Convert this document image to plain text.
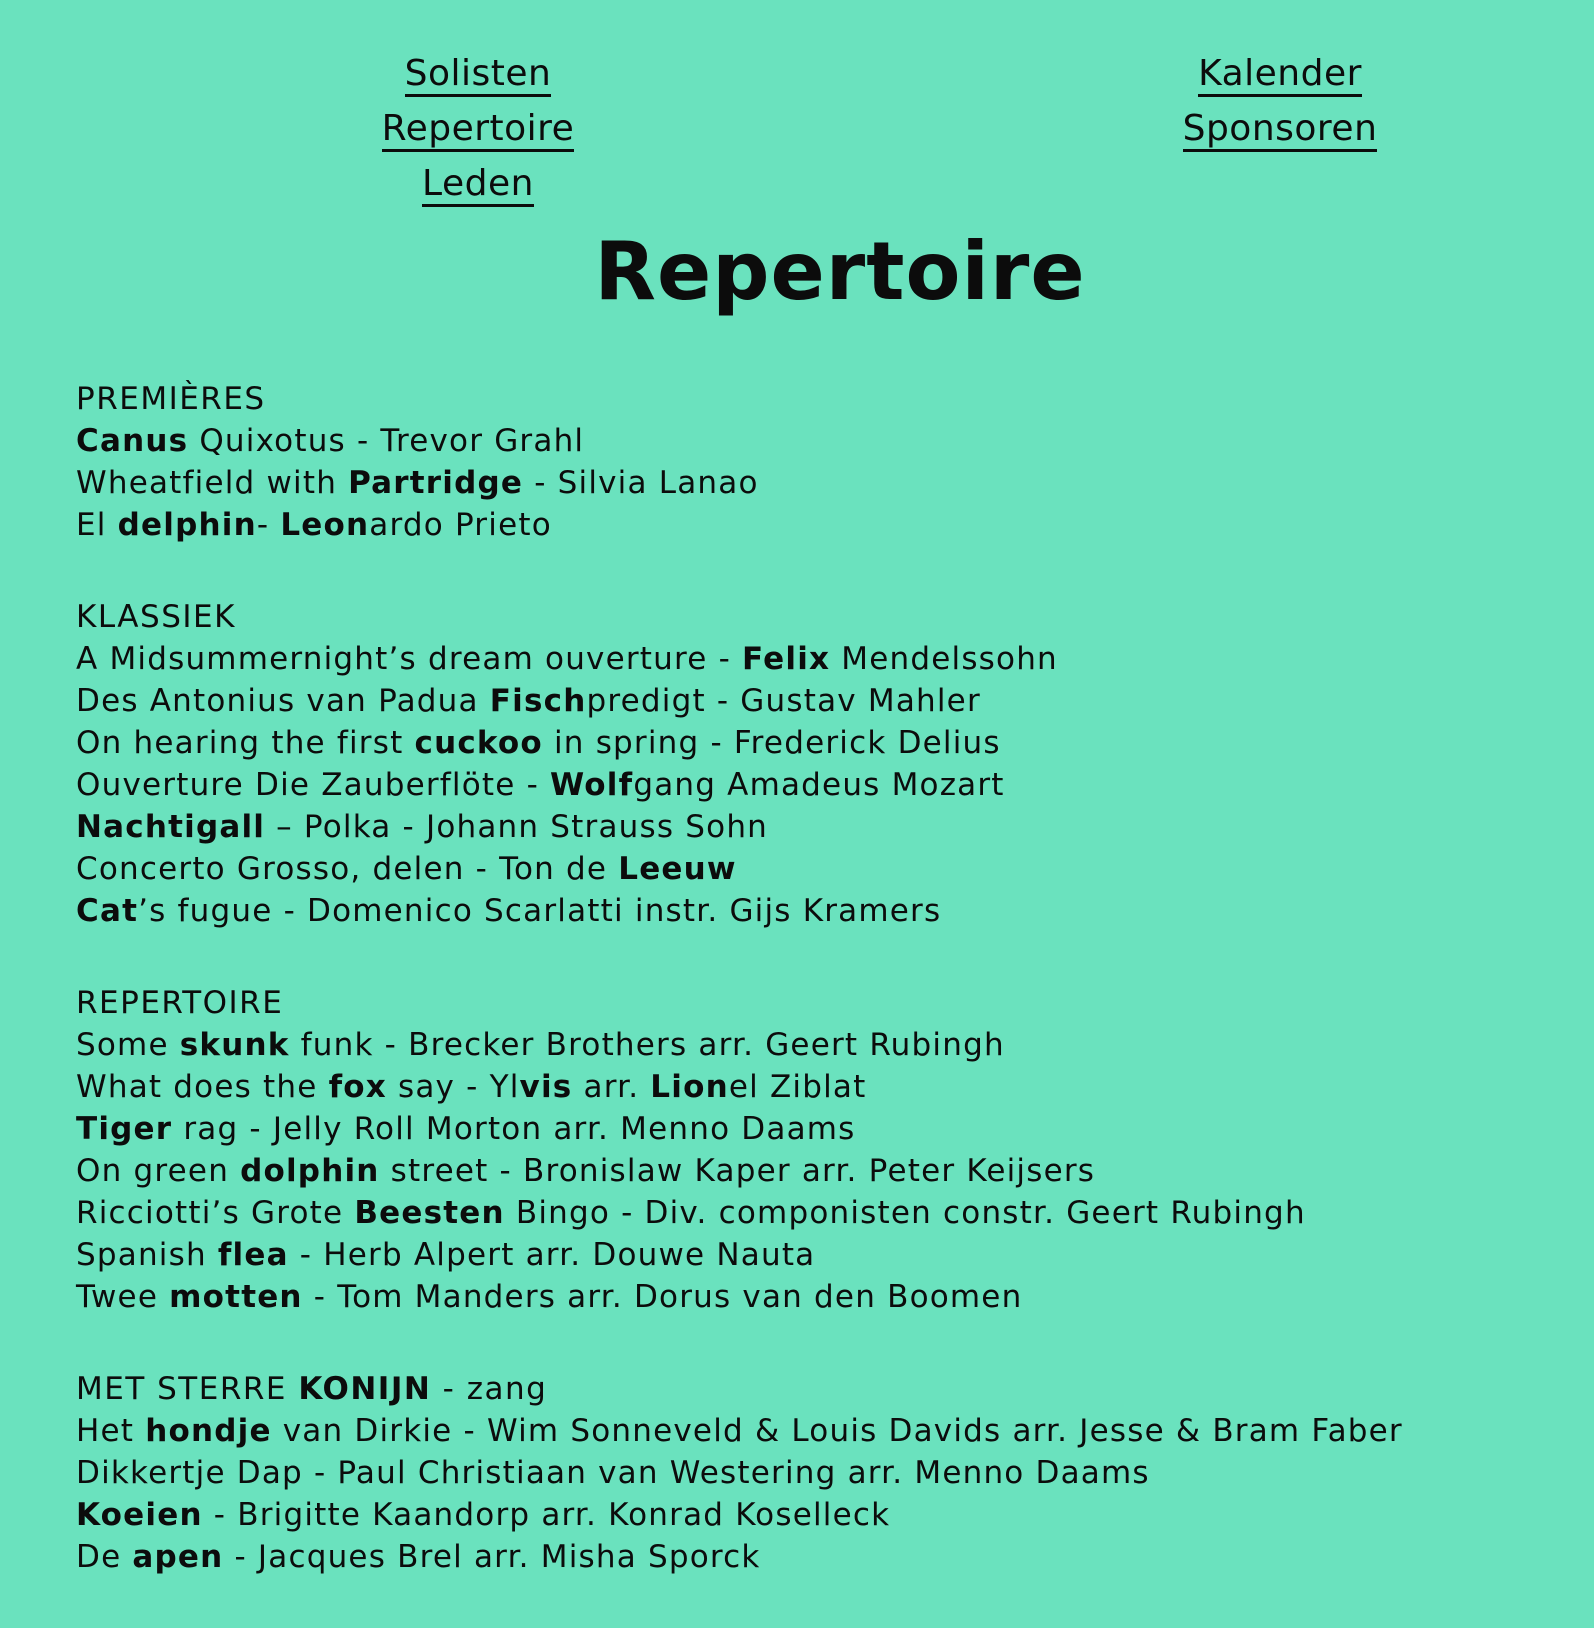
Solisten
Repertoire
Leden
Kalender
Sponsoren
Repertoire
PREMIÈRES
Canus Quixotus - Trevor Grahl
Wheatfield with Partridge - Silvia Lanao
El delphin- Leonardo Prieto
KLASSIEK
A Midsummernight’s dream ouverture - Felix Mendelssohn
Des Antonius van Padua Fischpredigt - Gustav Mahler
On hearing the first cuckoo in spring - Frederick Delius
Ouverture Die Zauberflöte - Wolfgang Amadeus Mozart
Nachtigall – Polka - Johann Strauss Sohn
Concerto Grosso, delen - Ton de Leeuw
Cat’s fugue - Domenico Scarlatti instr. Gijs Kramers
REPERTOIRE
Some skunk funk - Brecker Brothers arr. Geert Rubingh
What does the fox say - Ylvis arr. Lionel Ziblat
Tiger rag - Jelly Roll Morton arr. Menno Daams
On green dolphin street - Bronislaw Kaper arr. Peter Keijsers
Ricciotti’s Grote Beesten Bingo - Div. componisten constr. Geert Rubingh
Spanish flea - Herb Alpert arr. Douwe Nauta
Twee motten - Tom Manders arr. Dorus van den Boomen
MET STERRE KONIJN - zang
Het hondje van Dirkie - Wim Sonneveld & Louis Davids arr. Jesse & Bram Faber
Dikkertje Dap - Paul Christiaan van Westering arr. Menno Daams
Koeien - Brigitte Kaandorp arr. Konrad Koselleck
De apen - Jacques Brel arr. Misha Sporck
